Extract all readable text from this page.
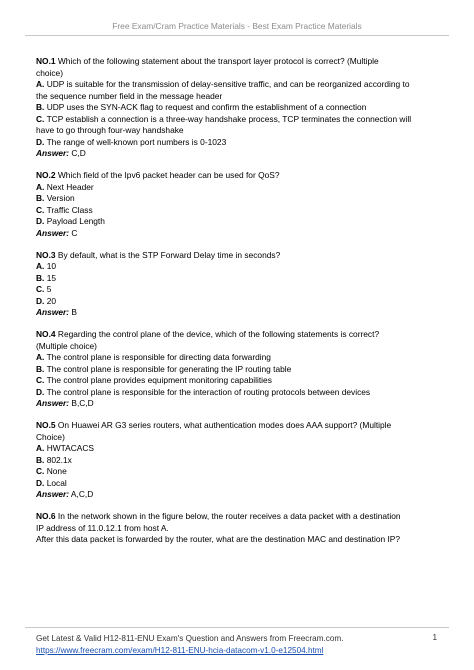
Free Exam/Cram Practice Materials - Best Exam Practice Materials
NO.1 Which of the following statement about the transport layer protocol is correct? (Multiple
choice)
A. UDP is suitable for the transmission of delay-sensitive traffic, and can be reorganized according to
the sequence number field in the message header
B. UDP uses the SYN-ACK flag to request and confirm the establishment of a connection
C. TCP establish a connection is a three-way handshake process, TCP terminates the connection will
have to go through four-way handshake
D. The range of well-known port numbers is 0-1023
Answer: C,D
NO.2 Which field of the Ipv6 packet header can be used for QoS?
A. Next Header
B. Version
C. Traffic Class
D. Payload Length
Answer: C
NO.3 By default, what is the STP Forward Delay time in seconds?
A. 10
B. 15
C. 5
D. 20
Answer: B
NO.4 Regarding the control plane of the device, which of the following statements is correct?
(Multiple choice)
A. The control plane is responsible for directing data forwarding
B. The control plane is responsible for generating the IP routing table
C. The control plane provides equipment monitoring capabilities
D. The control plane is responsible for the interaction of routing protocols between devices
Answer: B,C,D
NO.5 On Huawei AR G3 series routers, what authentication modes does AAA support? (Multiple
Choice)
A. HWTACACS
B. 802.1x
C. None
D. Local
Answer: A,C,D
NO.6 In the network shown in the figure below, the router receives a data packet with a destination
IP address of 11.0.12.1 from host A.
After this data packet is forwarded by the router, what are the destination MAC and destination IP?
Get Latest & Valid H12-811-ENU Exam's Question and Answers from Freecram.com.
https://www.freecram.com/exam/H12-811-ENU-hcia-datacom-v1.0-e12504.html
1
